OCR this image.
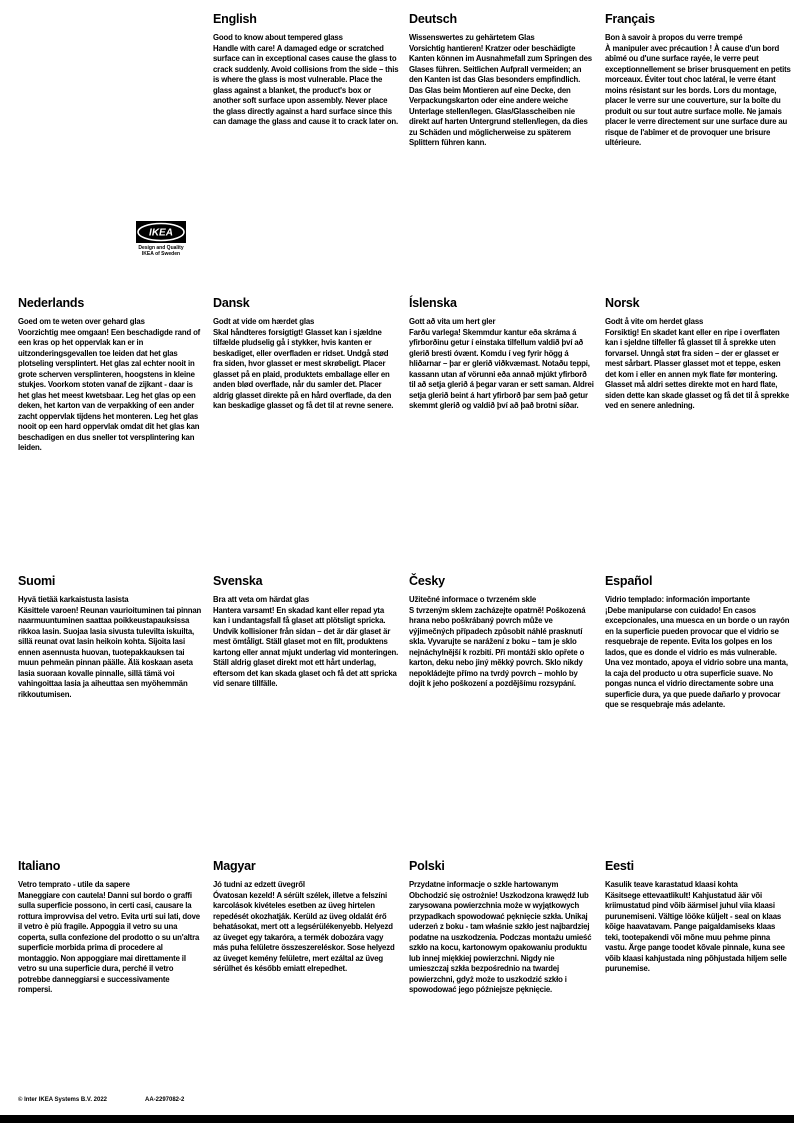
English

Good to know about tempered glass

Handle with care! A damaged edge or scratched surface can in exceptional cases cause the glass to crack suddenly. Avoid collisions from the side – this is where the glass is most vulnerable. Place the glass against a blanket, the product's box or another soft surface upon assembly. Never place the glass directly against a hard surface since this can damage the glass and cause it to crack later on.

Deutsch

Wissenswertes zu gehärtetem Glas

Vorsichtig hantieren! Kratzer oder beschädigte Kanten können im Ausnahmefall zum Springen des Glases führen. Seitlichen Aufprall vermeiden; an den Kanten ist das Glas besonders empfindlich. Das Glas beim Montieren auf eine Decke, den Verpackungskarton oder eine andere weiche Unterlage stellen/legen. Glas/Glasscheiben nie direkt auf harten Untergrund stellen/legen, da dies zu Schäden und möglicherweise zu späterem Splittern führen kann.

Français

Bon à savoir à propos du verre trempé

À manipuler avec précaution ! À cause d'un bord abîmé ou d'une surface rayée, le verre peut exceptionnellement se briser brusquement en petits morceaux. Éviter tout choc latéral, le verre étant moins résistant sur les bords. Lors du montage, placer le verre sur une couverture, sur la boîte du produit ou sur tout autre surface molle. Ne jamais placer le verre directement sur une surface dure au risque de l'abîmer et de provoquer une brisure ultérieure.

IKEA
Design and Quality
IKEA of Sweden
Nederlands

Goed om te weten over gehard glas

Voorzichtig mee omgaan! Een beschadigde rand of een kras op het oppervlak kan er in uitzonderingsgevallen toe leiden dat het glas plotseling versplintert. Het glas zal echter nooit in grote scherven versplinteren, hoogstens in kleine stukjes. Voorkom stoten vanaf de zijkant - daar is het glas het meest kwetsbaar. Leg het glas op een deken, het karton van de verpakking of een ander zacht oppervlak tijdens het monteren. Leg het glas nooit op een hard oppervlak omdat dit het glas kan beschadigen en dus sneller tot versplintering kan leiden.

Dansk

Godt at vide om hærdet glas

Skal håndteres forsigtigt! Glasset kan i sjældne tilfælde pludselig gå i stykker, hvis kanten er beskadiget, eller overfladen er ridset. Undgå stød fra siden, hvor glasset er mest skrøbeligt. Placer glasset på en plaid, produktets emballage eller en anden blød overflade, når du samler det. Placer aldrig glasset direkte på en hård overflade, da den kan beskadige glasset og få det til at revne senere.

Íslenska

Gott að vita um hert gler

Farðu varlega! Skemmdur kantur eða skráma á yfirborðinu getur í einstaka tilfellum valdið því að glerið bresti óvænt. Komdu í veg fyrir högg á hliðarnar – þar er glerið viðkvæmast. Notaðu teppi, kassann utan af vörunni eða annað mjúkt yfirborð til að setja glerið á þegar varan er sett saman. Aldrei setja glerið beint á hart yfirborð þar sem það getur skemmt glerið og valdið því að það brotni síðar.

Norsk

Godt å vite om herdet glass

Forsiktig! En skadet kant eller en ripe i overflaten kan i sjeldne tilfeller få glasset til å sprekke uten forvarsel. Unngå støt fra siden – der er glasset er mest sårbart. Plasser glasset mot et teppe, esken det kom i eller en annen myk flate før montering. Glasset må aldri settes direkte mot en hard flate, siden dette kan skade glasset og få det til å sprekke ved en senere anledning.

Suomi

Hyvä tietää karkaistusta lasista

Käsittele varoen! Reunan vaurioituminen tai pinnan naarmuuntuminen saattaa poikkeustapauksissa rikkoa lasin. Suojaa lasia sivusta tulevilta iskuilta, sillä reunat ovat lasin heikoin kohta. Sijoita lasi ennen asennusta huovan, tuotepakkauksen tai muun pehmeän pinnan päälle. Älä koskaan aseta lasia suoraan kovalle pinnalle, sillä tämä voi vahingoittaa lasia ja aiheuttaa sen myöhemmän rikkoutumisen.

Svenska

Bra att veta om härdat glas

Hantera varsamt! En skadad kant eller repad yta kan i undantagsfall få glaset att plötsligt spricka. Undvik kollisioner från sidan – det är där glaset är mest ömtåligt. Ställ glaset mot en filt, produktens kartong eller annat mjukt underlag vid monteringen. Ställ aldrig glaset direkt mot ett hårt underlag, eftersom det kan skada glaset och få det att spricka vid senare tillfälle.

Česky

Užitečné informace o tvrzeném skle

S tvrzeným sklem zacházejte opatrně! Poškozená hrana nebo poškrábaný povrch může ve výjimečných případech způsobit náhlé prasknutí skla. Vyvarujte se narážení z boku – tam je sklo nejnáchylnější k rozbití. Při montáži sklo opřete o karton, deku nebo jiný měkký povrch. Sklo nikdy nepokládejte přímo na tvrdý povrch – mohlo by dojít k jeho poškození a pozdějšímu rozsypání.

Español

Vidrio templado: información importante

¡Debe manipularse con cuidado! En casos excepcionales, una muesca en un borde o un rayón en la superficie pueden provocar que el vidrio se resquebraje de repente. Evita los golpes en los lados, que es donde el vidrio es más vulnerable. Una vez montado, apoya el vidrio sobre una manta, la caja del producto u otra superficie suave. No pongas nunca el vidrio directamente sobre una superficie dura, ya que puede dañarlo y provocar que se resquebraje más adelante.

Italiano

Vetro temprato - utile da sapere

Maneggiare con cautela! Danni sul bordo o graffi sulla superficie possono, in certi casi, causare la rottura improvvisa del vetro. Evita urti sui lati, dove il vetro è più fragile. Appoggia il vetro su una coperta, sulla confezione del prodotto o su un'altra superficie morbida prima di procedere al montaggio. Non appoggiare mai direttamente il vetro su una superficie dura, perché il vetro potrebbe danneggiarsi e successivamente rompersi.

Magyar

Jó tudni az edzett üvegről

Óvatosan kezeld! A sérült szélek, illetve a felszíni karcolások kivételes esetben az üveg hirtelen repedését okozhatják. Kerüld az üveg oldalát érő behatásokat, mert ott a legsérülékenyebb. Helyezd az üveget egy takaróra, a termék dobozára vagy más puha felületre összeszereléskor. Sose helyezd az üveget kemény felületre, mert ezáltal az üveg sérülhet és később emiatt elrepedhet.

Polski

Przydatne informacje o szkle hartowanym

Obchodzić się ostrożnie! Uszkodzona krawędź lub zarysowana powierzchnia może w wyjątkowych przypadkach spowodować pęknięcie szkła. Unikaj uderzeń z boku - tam właśnie szkło jest najbardziej podatne na uszkodzenia. Podczas montażu umieść szkło na kocu, kartonowym opakowaniu produktu lub innej miękkiej powierzchni. Nigdy nie umieszczaj szkła bezpośrednio na twardej powierzchni, gdyż może to uszkodzić szkło i spowodować jego późniejsze pęknięcie.

Eesti

Kasulik teave karastatud klaasi kohta

Käsitsege ettevaatlikult! Kahjustatud äär või kriimustatud pind võib äärmisel juhul viia klaasi purunemiseni. Vältige lööke küljelt - seal on klaas kõige haavatavam. Pange paigaldamiseks klaas teki, tootepakendi või mõne muu pehme pinna vastu. Ärge pange toodet kõvale pinnale, kuna see võib klaasi kahjustada ning põhjustada hiljem selle purunemise.

© Inter IKEA Systems B.V. 2022	AA-2297082-2
